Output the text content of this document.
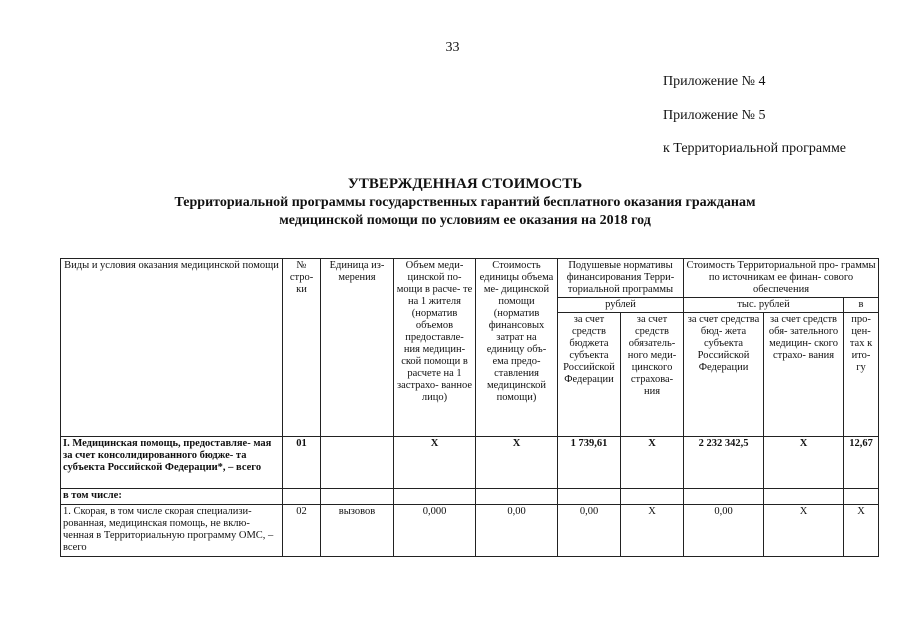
33
Приложение № 4
Приложение № 5
к Территориальной программе
УТВЕРЖДЕННАЯ СТОИМОСТЬ
Территориальной программы государственных гарантий бесплатного оказания гражданам
медицинской помощи по условиям ее оказания на 2018 год
Виды и условия оказания медицинской помощи	№ стро- ки	Единица из- мерения	Объем меди- цинской по- мощи в расче- те на 1 жителя (норматив объемов предоставле- ния медицин- ской помощи в расчете на 1 застрахо- ванное лицо)	Стоимость единицы объема ме- дицинской помощи (норматив финансовых затрат на единицу объ- ема предо- ставления медицинской помощи)	Подушевые нормативы финансирования Терри- ториальной программы		Стоимость Территориальной про- граммы по источникам ее финан- сового обеспечения		
					рублей		тыс. рублей		в
					за счет средств бюджета субъекта Российской Федерации	за счет средств обязатель- ного меди- цинского страхова- ния	за счет средства бюд- жета субъекта Российской Федерации	за счет средств обя- зательного медицин- ского страхо- вания	про- цен- тах к ито- гу
I. Медицинская помощь, предоставляе- мая за счет консолидированного бюдже- та субъекта Российской Федерации*, – всего	01		X	X	1 739,61	X	2 232 342,5	X	12,67
в том числе:									
1. Скорая, в том числе скорая специализи- рованная, медицинская помощь, не вклю- ченная в Территориальную программу ОМС, – всего	02	вызовов	0,000	0,00	0,00	X	0,00	X	X
